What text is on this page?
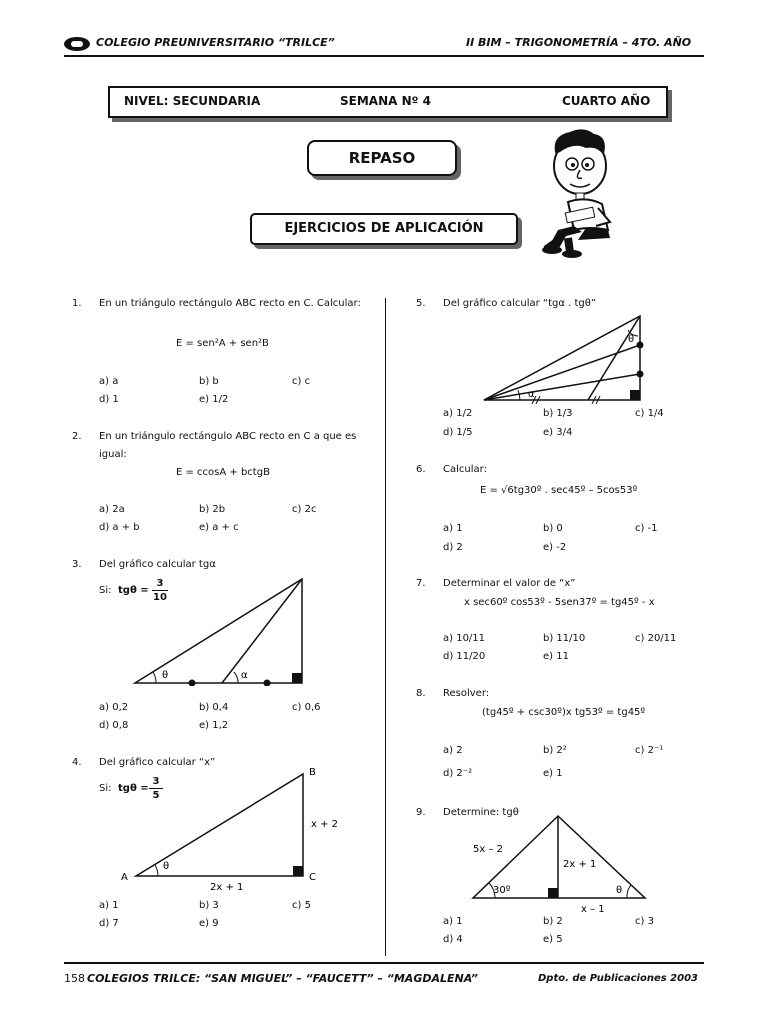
COLEGIO PREUNIVERSITARIO “TRILCE”	II BIM – TRIGONOMETRÍA – 4TO. AÑO
NIVEL: SECUNDARIA	SEMANA Nº 4	CUARTO AÑO
REPASO
EJERCICIOS DE APLICACIÓN
1. En un triángulo rectángulo ABC recto en C. Calcular:
E = sen²A + sen²B
a) a	b) b	c) c
d) 1	e) 1/2
2. En un triángulo rectángulo ABC recto en C a que es igual:
E = ccosA + bctgB
a) 2a	b) 2b	c) 2c
d) a + b	e) a + c
3. Del gráfico calcular tgα
Si: $tg\theta = \frac{3}{10}$
θ	α
a) 0,2	b) 0,4	c) 0,6
d) 0,8	e) 1,2
4. Del gráfico calcular “x”
Si: $tg\theta = \frac{3}{5}$
A
B
C
θ
x + 2
2x + 1
a) 1	b) 3	c) 5
d) 7	e) 9
5. Del gráfico calcular “tgα . tgθ”
θ
α
a) 1/2	b) 1/3	c) 1/4
d) 1/5	e) 3/4
6. Calcular:
E = √6tg30º . sec45º – 5cos53º
a) 1	b) 0	c) -1
d) 2	e) -2
7. Determinar el valor de “x”
x sec60º cos53º - 5sen37º = tg45º - x
a) 10/11	b) 11/10	c) 20/11
d) 11/20	e) 11
8. Resolver:
(tg45º + csc30º)x tg53º = tg45º
a) 2	b) 2²	c) 2⁻¹
d) 2⁻²	e) 1
9. Determine: tgθ
5x – 2
2x + 1
30º	θ
x – 1
a) 1	b) 2	c) 3
d) 4	e) 5
158 COLEGIOS TRILCE: “SAN MIGUEL” – “FAUCETT” – “MAGDALENA”	Dpto. de Publicaciones 2003
